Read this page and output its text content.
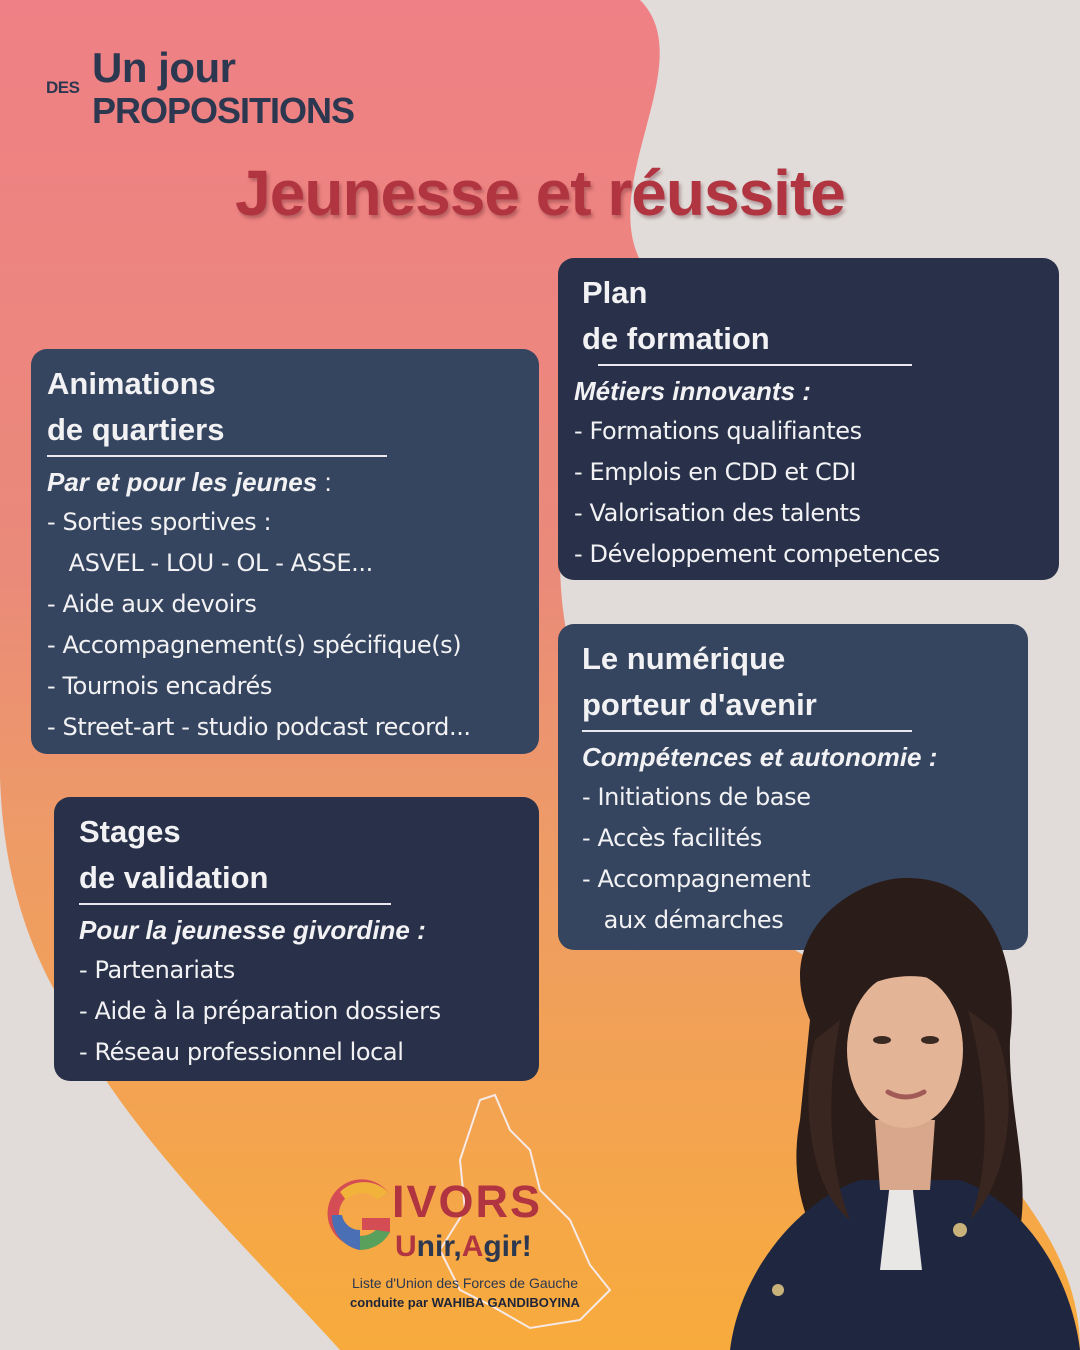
DES Un jour
PROPOSITIONS
Jeunesse et réussite
Animations
de quartiers
Par et pour les jeunes :
- Sorties sportives :
ASVEL - LOU - OL - ASSE...
- Aide aux devoirs
- Accompagnement(s) spécifique(s)
- Tournois encadrés
- Street-art - studio podcast record...
Plan
de formation
Métiers innovants :
- Formations qualifiantes
- Emplois en CDD et CDI
- Valorisation des talents
- Développement competences
Le numérique
porteur d'avenir
Compétences et autonomie :
- Initiations de base
- Accès facilités
- Accompagnement
aux démarches
Stages
de validation
Pour la jeunesse givordine :
- Partenariats
- Aide à la préparation dossiers
- Réseau professionnel local
IVORS
Unir,Agir!
Liste d'Union des Forces de Gauche
conduite par WAHIBA GANDIBOYINA
